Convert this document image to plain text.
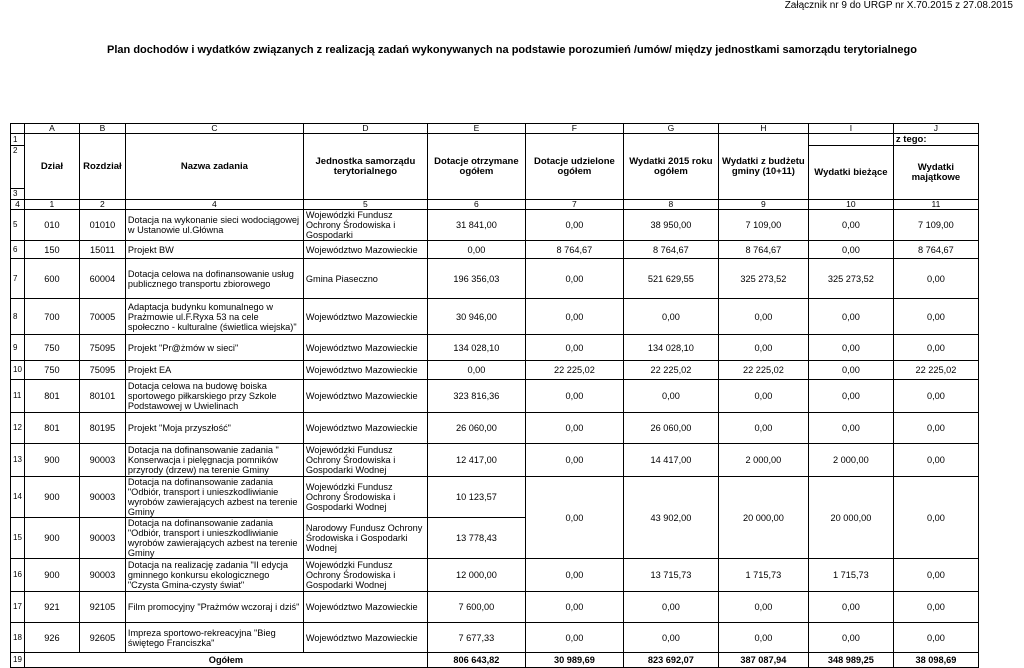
Załącznik nr 9 do URGP nr X.70.2015 z 27.08.2015
Plan dochodów i wydatków związanych z realizacją zadań wykonywanych na podstawie porozumień /umów/ między jednostkami samorządu terytorialnego
	A	B	C	D	E	F	G	H	I	J
1	Dział	Rozdział	Nazwa zadania	Jednostka samorządu terytorialnego	Dotacje otrzymane ogółem	Dotacje udzielone ogółem	Wydatki 2015 roku ogółem	Wydatki z budżetu gminy (10+11)		z tego:
2									Wydatki bieżące	Wydatki majątkowe
3										
4	1	2	4	5	6	7	8	9	10	11
5	010	01010	Dotacja na wykonanie sieci wodociągowej w Ustanowie ul.Główna	Wojewódzki Fundusz Ochrony Środowiska i Gospodarki	31 841,00	0,00	38 950,00	7 109,00	0,00	7 109,00
6	150	15011	Projekt BW	Województwo Mazowieckie	0,00	8 764,67	8 764,67	8 764,67	0,00	8 764,67
7	600	60004	Dotacja celowa na dofinansowanie usług publicznego transportu zbiorowego	Gmina Piaseczno	196 356,03	0,00	521 629,55	325 273,52	325 273,52	0,00
8	700	70005	Adaptacja budynku komunalnego w Prażmowie ul.F.Ryxa 53 na cele społeczno - kulturalne (świetlica wiejska)"	Województwo Mazowieckie	30 946,00	0,00	0,00	0,00	0,00	0,00
9	750	75095	Projekt "Pr@żmów w sieci"	Województwo Mazowieckie	134 028,10	0,00	134 028,10	0,00	0,00	0,00
10	750	75095	Projekt EA	Województwo Mazowieckie	0,00	22 225,02	22 225,02	22 225,02	0,00	22 225,02
11	801	80101	Dotacja celowa na budowę boiska sportowego piłkarskiego przy Szkole Podstawowej w Uwielinach	Województwo Mazowieckie	323 816,36	0,00	0,00	0,00	0,00	0,00
12	801	80195	Projekt "Moja przyszłość"	Województwo Mazowieckie	26 060,00	0,00	26 060,00	0,00	0,00	0,00
13	900	90003	Dotacja na dofinansowanie zadania " Konserwacja i pielęgnacja pomników przyrody (drzew) na terenie Gminy	Wojewódzki Fundusz Ochrony Środowiska i Gospodarki Wodnej	12 417,00	0,00	14 417,00	2 000,00	2 000,00	0,00
14	900	90003	Dotacja na dofinansowanie zadania "Odbiór, transport i unieszkodliwianie wyrobów zawierających azbest na terenie Gminy	Wojewódzki Fundusz Ochrony Środowiska i Gospodarki Wodnej	10 123,57	0,00	43 902,00	20 000,00	20 000,00	0,00
15	900	90003	Dotacja na dofinansowanie zadania "Odbiór, transport i unieszkodliwianie wyrobów zawierających azbest na terenie Gminy	Narodowy Fundusz Ochrony Środowiska i Gospodarki Wodnej	13 778,43					
16	900	90003	Dotacja na realizację zadania "II edycja gminnego konkursu ekologicznego "Czysta Gmina-czysty świat"	Wojewódzki Fundusz Ochrony Środowiska i Gospodarki Wodnej	12 000,00	0,00	13 715,73	1 715,73	1 715,73	0,00
17	921	92105	Film promocyjny "Prażmów wczoraj i dziś"	Województwo Mazowieckie	7 600,00	0,00	0,00	0,00	0,00	0,00
18	926	92605	Impreza sportowo-rekreacyjna "Bieg świętego Franciszka"	Województwo Mazowieckie	7 677,33	0,00	0,00	0,00	0,00	0,00
19	Ogółem				806 643,82	30 989,69	823 692,07	387 087,94	348 989,25	38 098,69
